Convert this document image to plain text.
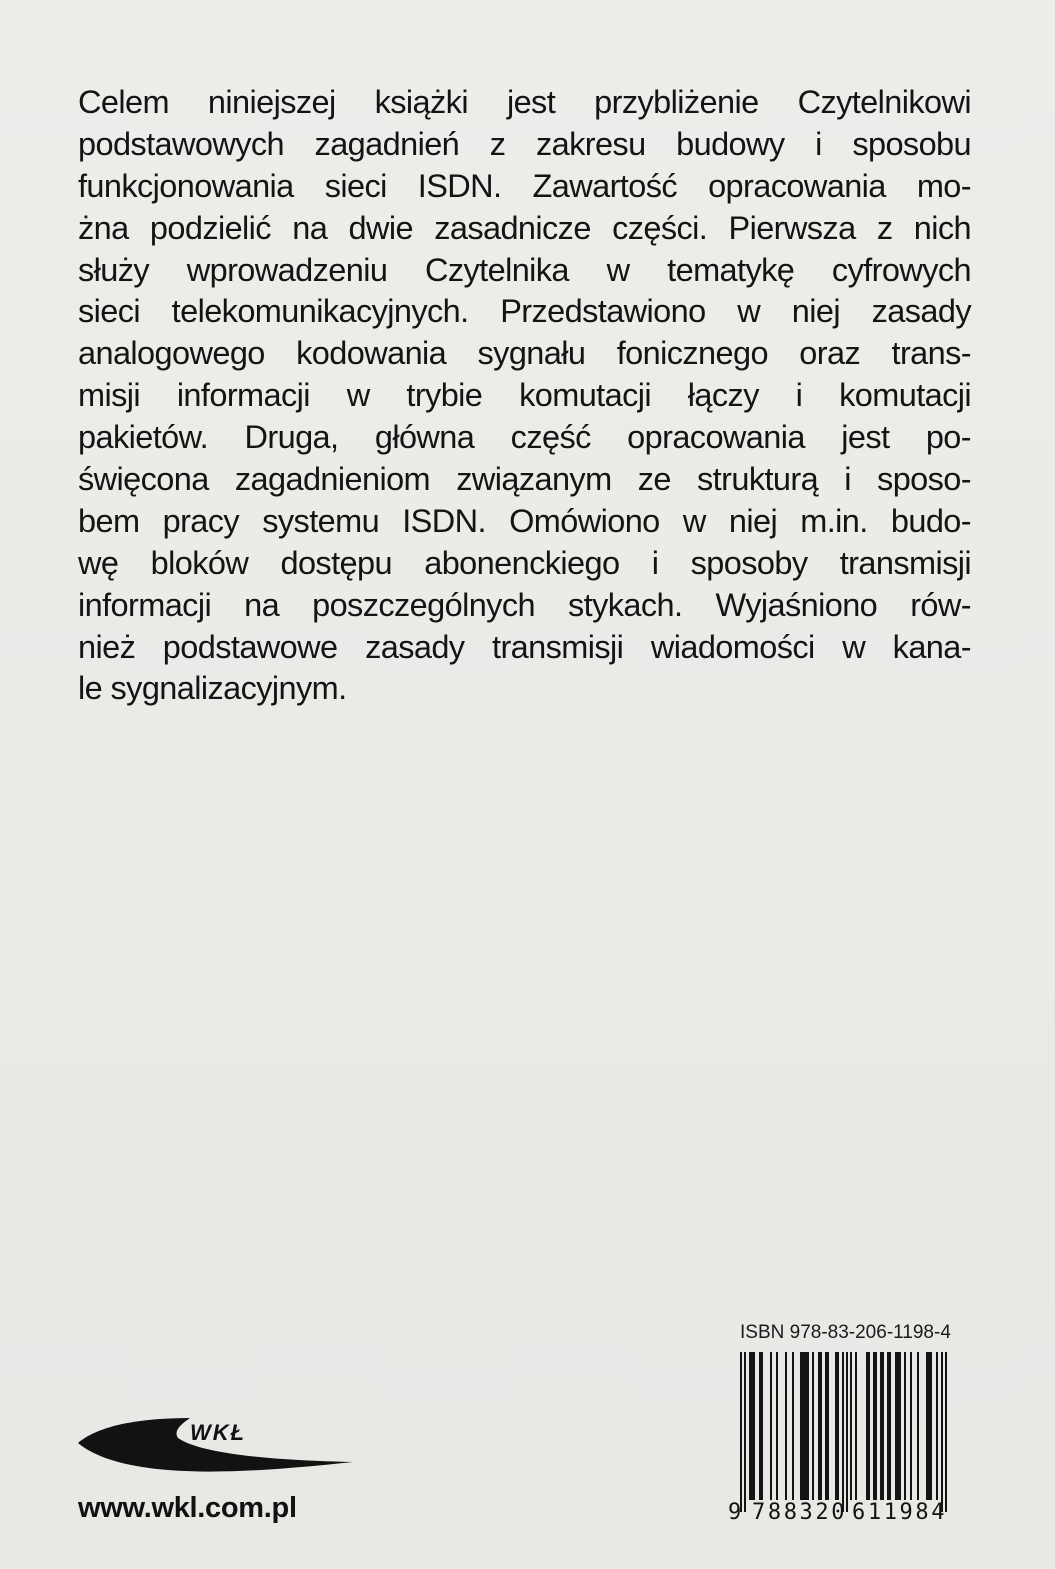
Celem niniejszej książki jest przybliżenie Czytelnikowi
podstawowych zagadnień z zakresu budowy i sposobu
funkcjonowania sieci ISDN. Zawartość opracowania mo-
żna podzielić na dwie zasadnicze części. Pierwsza z nich
służy wprowadzeniu Czytelnika w tematykę cyfrowych
sieci telekomunikacyjnych. Przedstawiono w niej zasady
analogowego kodowania sygnału fonicznego oraz trans-
misji informacji w trybie komutacji łączy i komutacji
pakietów. Druga, główna część opracowania jest po-
święcona zagadnieniom związanym ze strukturą i sposo-
bem pracy systemu ISDN. Omówiono w niej m.in. budo-
wę bloków dostępu abonenckiego i sposoby transmisji
informacji na poszczególnych stykach. Wyjaśniono rów-
nież podstawowe zasady transmisji wiadomości w kana-
le sygnalizacyjnym.
ISBN 978-83-206-1198-4
9 788320 611984
WKŁ
www.wkl.com.pl
